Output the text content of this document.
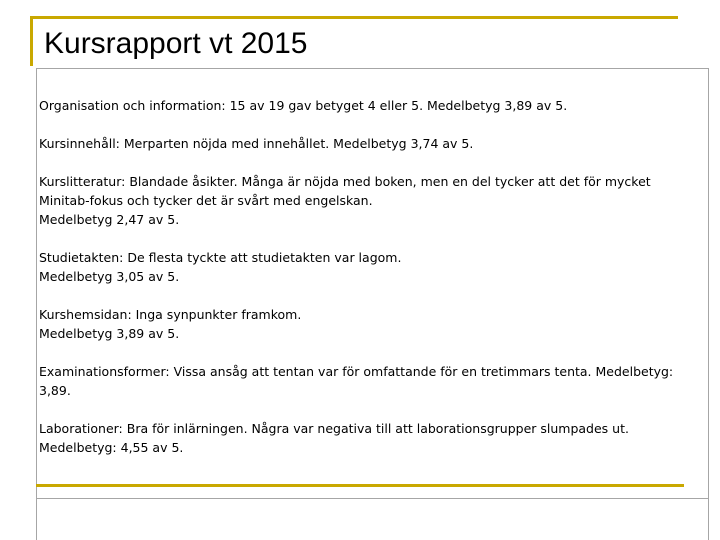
Kursrapport vt 2015

Organisation och information: 15 av 19 gav betyget 4 eller 5. Medelbetyg 3,89 av 5.

Kursinnehåll: Merparten nöjda med innehållet. Medelbetyg 3,74 av 5.

Kurslitteratur: Blandade åsikter. Många är nöjda med boken, men en del tycker att det för mycket
Minitab-fokus och tycker det är svårt med engelskan.
Medelbetyg 2,47 av 5.

Studietakten: De flesta tyckte att studietakten var lagom.
Medelbetyg 3,05 av 5.

Kurshemsidan: Inga synpunkter framkom.
Medelbetyg 3,89 av 5.

Examinationsformer: Vissa ansåg att tentan var för omfattande för en tretimmars tenta. Medelbetyg:
3,89.

Laborationer: Bra för inlärningen. Några var negativa till att laborationsgrupper slumpades ut.
Medelbetyg: 4,55 av 5.
